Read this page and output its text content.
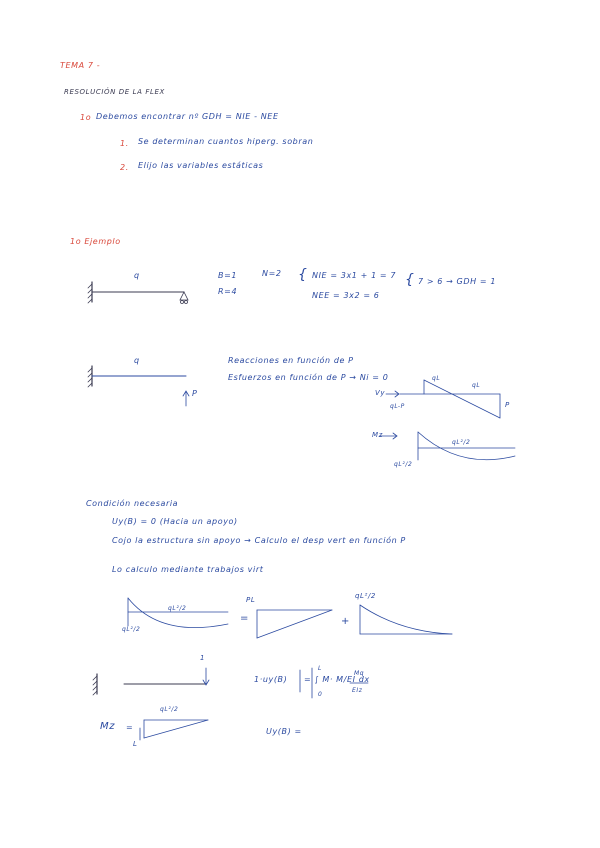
TEMA 7 -
RESOLUCIÓN DE LA FLEX
1o Debemos encontrar nº GDH = NIE - NEE
1. Se determinan cuantos hiperg. sobran
2. Elijo las variables estáticas
1o Ejemplo
q	B=1
R=4
N=2 { NIE = 3x1 + 1 = 7
NEE = 3x2 = 6
{ 7 > 6 → GDH = 1
q
P
Reacciones en función de P
Esfuerzos en función de P → Ni = 0
Vy
qL
qL-P
qL
P
Mz
qL²/2
qL²/2
Condición necesaria
Uy(B) = 0 (Hacia un apoyo)
Cojo la estructura sin apoyo → Calculo el desp vert en función P
Lo calculo mediante trabajos virt
qL²/2
qL²/2
=
PL
+
qL²/2
1
1·uy(B)
L
0
= ∫ M· M/EI dx
Mq
EIz
Mz =
qL²/2
L
Uy(B) =
